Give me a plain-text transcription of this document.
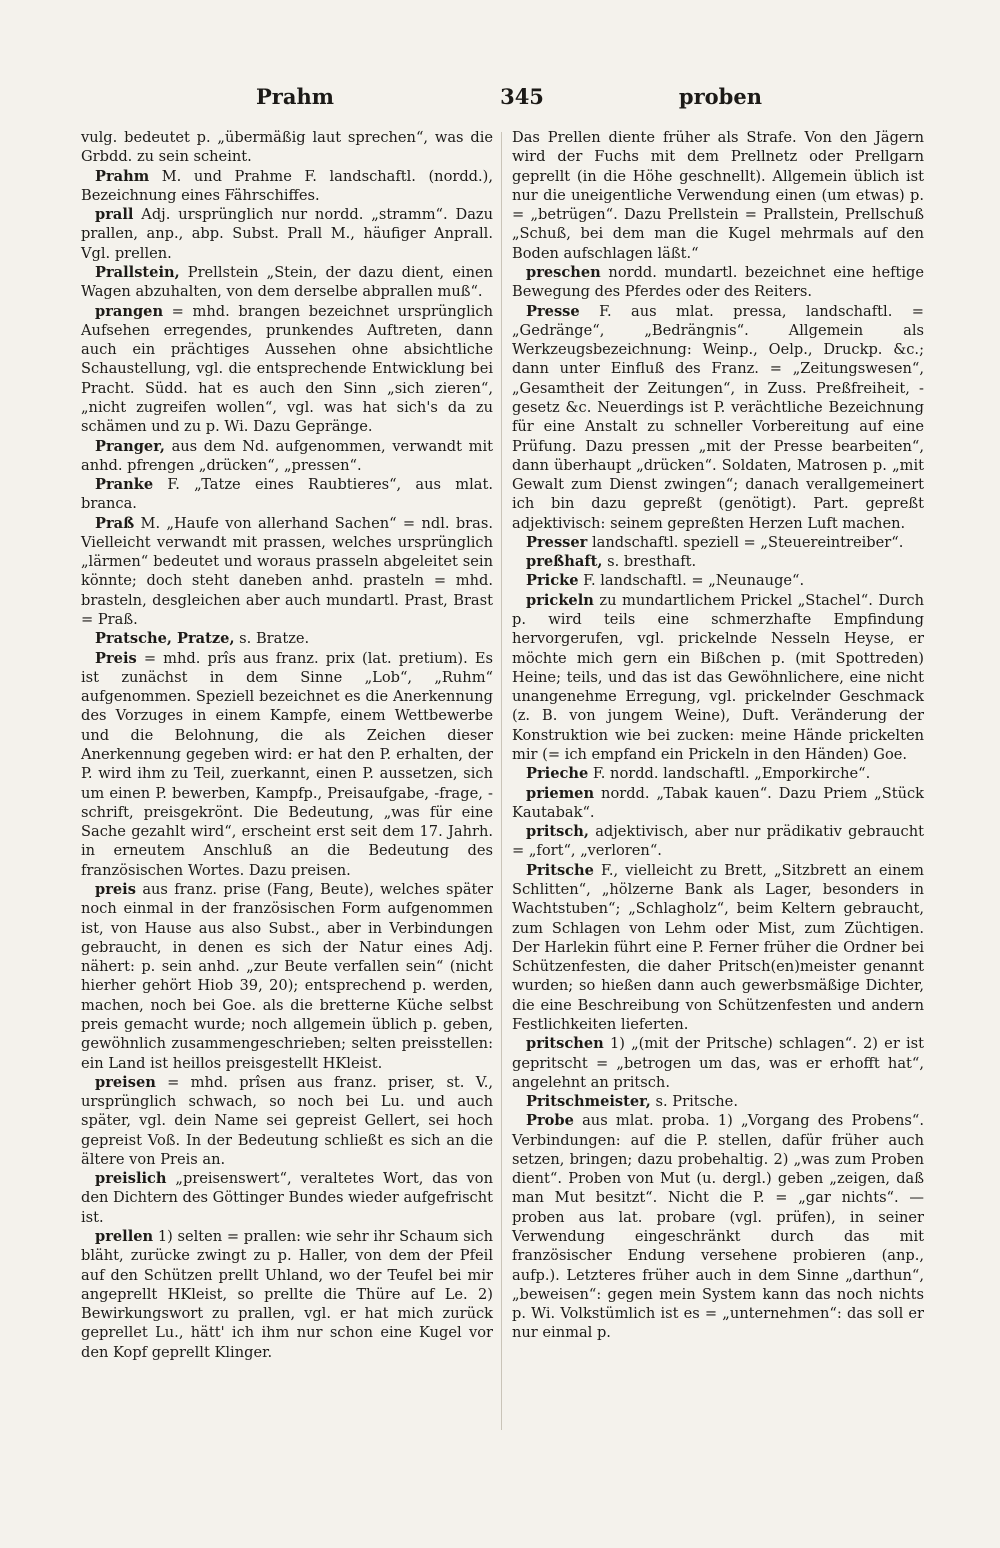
Prahm	345	proben

vulg. bedeutet p. „übermäßig laut sprechen“, was die Grbdd. zu sein scheint.

Prahm M. und Prahme F. landschaftl. (nordd.), Bezeichnung eines Fährschiffes.

prall Adj. ursprünglich nur nordd. „stramm“. Dazu prallen, anp., abp. Subst. Prall M., häufiger Anprall. Vgl. prellen.

Prallstein, Prellstein „Stein, der dazu dient, einen Wagen abzuhalten, von dem derselbe abprallen muß“.

prangen = mhd. brangen bezeichnet ursprünglich Aufsehen erregendes, prunkendes Auftreten, dann auch ein prächtiges Aussehen ohne absichtliche Schaustellung, vgl. die entsprechende Entwicklung bei Pracht. Südd. hat es auch den Sinn „sich zieren“, „nicht zugreifen wollen“, vgl. was hat sich's da zu schämen und zu p. Wi. Dazu Gepränge.

Pranger, aus dem Nd. aufgenommen, verwandt mit anhd. pfrengen „drücken“, „pressen“.

Pranke F. „Tatze eines Raubtieres“, aus mlat. branca.

Praß M. „Haufe von allerhand Sachen“ = ndl. bras. Vielleicht verwandt mit prassen, welches ursprünglich „lärmen“ bedeutet und woraus prasseln abgeleitet sein könnte; doch steht daneben anhd. prasteln = mhd. brasteln, desgleichen aber auch mundartl. Prast, Brast = Praß.

Pratsche, Pratze, s. Bratze.

Preis = mhd. prîs aus franz. prix (lat. pretium). Es ist zunächst in dem Sinne „Lob“, „Ruhm“ aufgenommen. Speziell bezeichnet es die Anerkennung des Vorzuges in einem Kampfe, einem Wettbewerbe und die Belohnung, die als Zeichen dieser Anerkennung gegeben wird: er hat den P. erhalten, der P. wird ihm zu Teil, zuerkannt, einen P. aussetzen, sich um einen P. bewerben, Kampfp., Preisaufgabe, -frage, -schrift, preisgekrönt. Die Bedeutung, „was für eine Sache gezahlt wird“, erscheint erst seit dem 17. Jahrh. in erneutem Anschluß an die Bedeutung des französischen Wortes. Dazu preisen.

preis aus franz. prise (Fang, Beute), welches später noch einmal in der französischen Form aufgenommen ist, von Hause aus also Subst., aber in Verbindungen gebraucht, in denen es sich der Natur eines Adj. nähert: p. sein anhd. „zur Beute verfallen sein“ (nicht hierher gehört Hiob 39, 20); entsprechend p. werden, machen, noch bei Goe. als die bretterne Küche selbst preis gemacht wurde; noch allgemein üblich p. geben, gewöhnlich zusammengeschrieben; selten preisstellen: ein Land ist heillos preisgestellt HKleist.

preisen = mhd. prîsen aus franz. priser, st. V., ursprünglich schwach, so noch bei Lu. und auch später, vgl. dein Name sei gepreist Gellert, sei hoch gepreist Voß. In der Bedeutung schließt es sich an die ältere von Preis an.

preislich „preisenswert“, veraltetes Wort, das von den Dichtern des Göttinger Bundes wieder aufgefrischt ist.

prellen 1) selten = prallen: wie sehr ihr Schaum sich bläht, zurücke zwingt zu p. Haller, von dem der Pfeil auf den Schützen prellt Uhland, wo der Teufel bei mir angeprellt HKleist, so prellte die Thüre auf Le. 2) Bewirkungswort zu prallen, vgl. er hat mich zurück geprellet Lu., hätt' ich ihm nur schon eine Kugel vor den Kopf geprellt Klinger.

Das Prellen diente früher als Strafe. Von den Jägern wird der Fuchs mit dem Prellnetz oder Prellgarn geprellt (in die Höhe geschnellt). Allgemein üblich ist nur die uneigentliche Verwendung einen (um etwas) p. = „betrügen“. Dazu Prellstein = Prallstein, Prellschuß „Schuß, bei dem man die Kugel mehrmals auf den Boden aufschlagen läßt.“

preschen nordd. mundartl. bezeichnet eine heftige Bewegung des Pferdes oder des Reiters.

Presse F. aus mlat. pressa, landschaftl. = „Gedränge“, „Bedrängnis“. Allgemein als Werkzeugsbezeichnung: Weinp., Oelp., Druckp. &c.; dann unter Einfluß des Franz. = „Zeitungswesen“, „Gesamtheit der Zeitungen“, in Zuss. Preßfreiheit, -gesetz &c. Neuerdings ist P. verächtliche Bezeichnung für eine Anstalt zu schneller Vorbereitung auf eine Prüfung. Dazu pressen „mit der Presse bearbeiten“, dann überhaupt „drücken“. Soldaten, Matrosen p. „mit Gewalt zum Dienst zwingen“; danach verallgemeinert ich bin dazu gepreßt (genötigt). Part. gepreßt adjektivisch: seinem gepreßten Herzen Luft machen.

Presser landschaftl. speziell = „Steuereintreiber“.

preßhaft, s. bresthaft.

Pricke F. landschaftl. = „Neunauge“.

prickeln zu mundartlichem Prickel „Stachel“. Durch p. wird teils eine schmerzhafte Empfindung hervorgerufen, vgl. prickelnde Nesseln Heyse, er möchte mich gern ein Bißchen p. (mit Spottreden) Heine; teils, und das ist das Gewöhnlichere, eine nicht unangenehme Erregung, vgl. prickelnder Geschmack (z. B. von jungem Weine), Duft. Veränderung der Konstruktion wie bei zucken: meine Hände prickelten mir (= ich empfand ein Prickeln in den Händen) Goe.

Prieche F. nordd. landschaftl. „Emporkirche“.

priemen nordd. „Tabak kauen“. Dazu Priem „Stück Kautabak“.

pritsch, adjektivisch, aber nur prädikativ gebraucht = „fort“, „verloren“.

Pritsche F., vielleicht zu Brett, „Sitzbrett an einem Schlitten“, „hölzerne Bank als Lager, besonders in Wachtstuben“; „Schlagholz“, beim Keltern gebraucht, zum Schlagen von Lehm oder Mist, zum Züchtigen. Der Harlekin führt eine P. Ferner früher die Ordner bei Schützenfesten, die daher Pritsch(en)meister genannt wurden; so hießen dann auch gewerbsmäßige Dichter, die eine Beschreibung von Schützenfesten und andern Festlichkeiten lieferten.

pritschen 1) „(mit der Pritsche) schlagen“. 2) er ist gepritscht = „betrogen um das, was er erhofft hat“, angelehnt an pritsch.

Pritschmeister, s. Pritsche.

Probe aus mlat. proba. 1) „Vorgang des Probens“. Verbindungen: auf die P. stellen, dafür früher auch setzen, bringen; dazu probehaltig. 2) „was zum Proben dient“. Proben von Mut (u. dergl.) geben „zeigen, daß man Mut besitzt“. Nicht die P. = „gar nichts“. — proben aus lat. probare (vgl. prüfen), in seiner Verwendung eingeschränkt durch das mit französischer Endung versehene probieren (anp., aufp.). Letzteres früher auch in dem Sinne „darthun“, „beweisen“: gegen mein System kann das noch nichts p. Wi. Volkstümlich ist es = „unternehmen“: das soll er nur einmal p.
